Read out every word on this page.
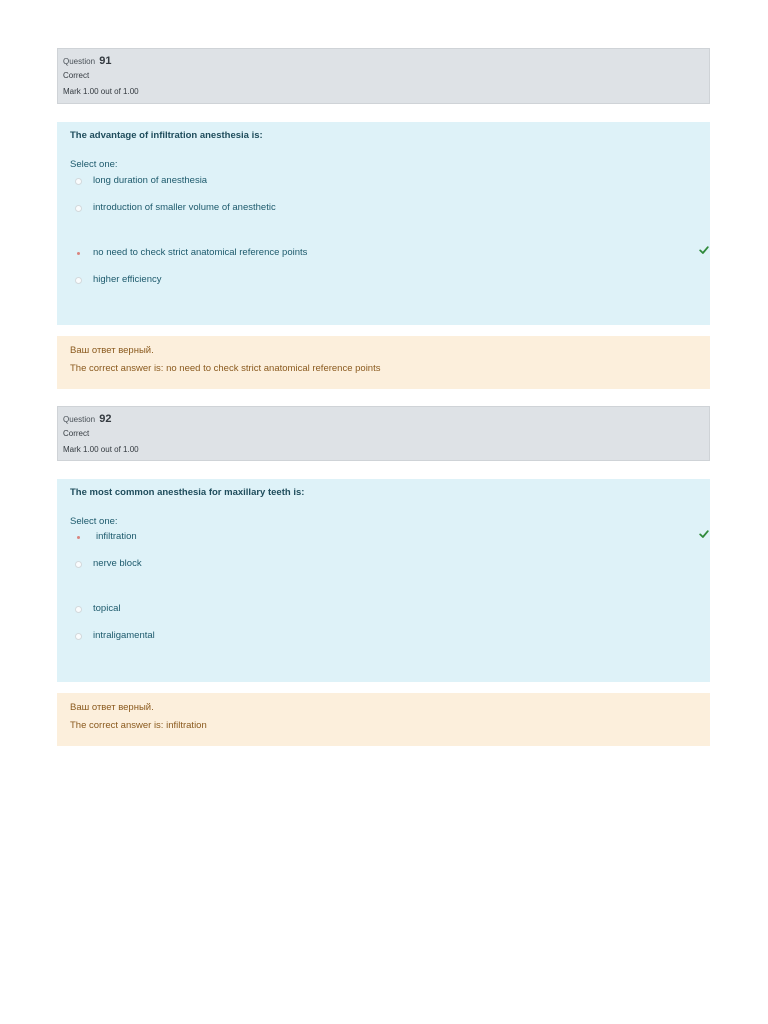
Question 91
Correct
Mark 1.00 out of 1.00
The advantage of infiltration anesthesia is:
Select one:
long duration of anesthesia
introduction of smaller volume of anesthetic
no need to check strict anatomical reference points
higher efficiency
Ваш ответ верный.
The correct answer is: no need to check strict anatomical reference points
Question 92
Correct
Mark 1.00 out of 1.00
The most common anesthesia for maxillary teeth is:
Select one:
infiltration
nerve block
topical
intraligamental
Ваш ответ верный.
The correct answer is: infiltration
